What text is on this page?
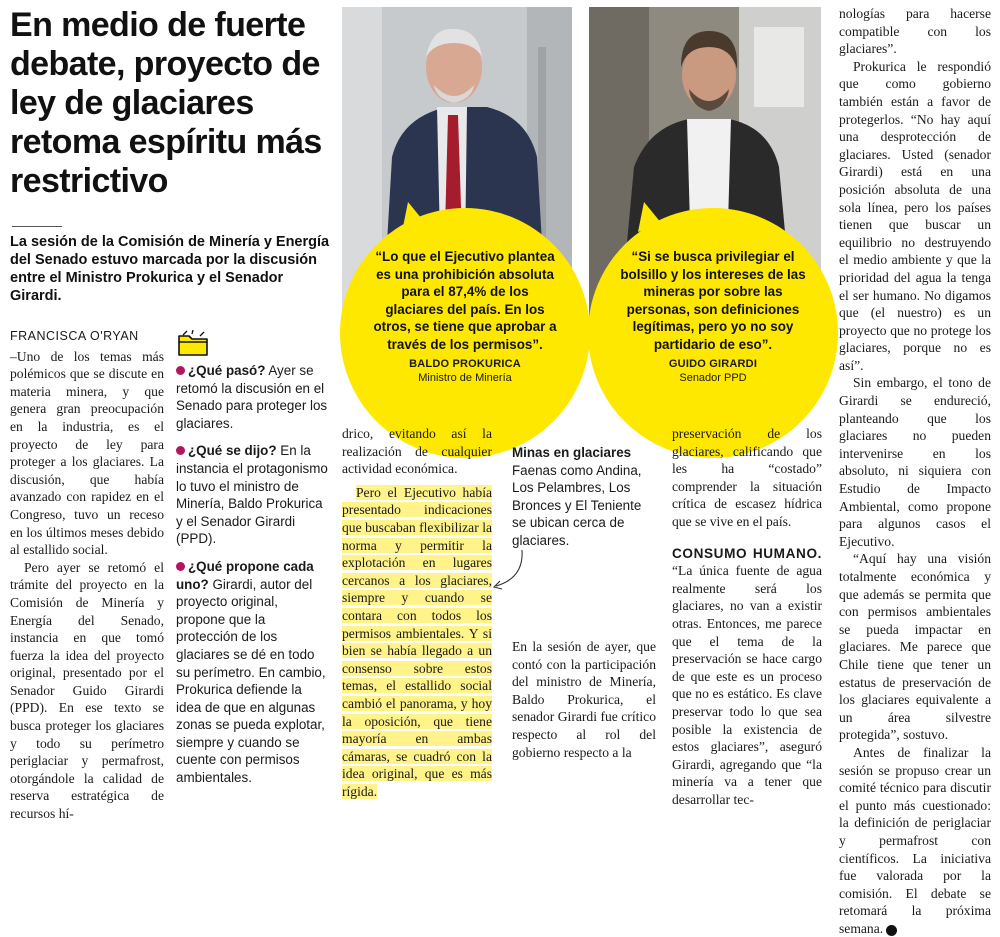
En medio de fuerte debate, proyecto de ley de glaciares retoma espíritu más restrictivo

La sesión de la Comisión de Minería y Energía del Senado estuvo marcada por la discusión entre el Ministro Prokurica y el Senador Girardi.

FRANCISCA O'RYAN

–Uno de los temas más polémicos que se discute en materia minera, y que genera gran preocupación en la industria, es el proyecto de ley para proteger a los glaciares. La discusión, que había avanzado con rapidez en el Congreso, tuvo un receso en los últimos meses debido al estallido social.

Pero ayer se retomó el trámite del proyecto en la Comisión de Minería y Energía del Senado, instancia en que tomó fuerza la idea del proyecto original, presentado por el Senador Guido Girardi (PPD). En ese texto se busca proteger los glaciares y todo su perímetro periglaciar y permafrost, otorgándole la calidad de reserva estratégica de recursos hí-

¿Qué pasó? Ayer se retomó la discusión en el Senado para proteger los glaciares.

¿Qué se dijo? En la instancia el protagonismo lo tuvo el ministro de Minería, Baldo Prokurica y el Senador Girardi (PPD).

¿Qué propone cada uno? Girardi, autor del proyecto original, propone que la protección de los glaciares se dé en todo su perímetro. En cambio, Prokurica defiende la idea de que en algunas zonas se pueda explotar, siempre y cuando se cuente con permisos ambientales.

“Lo que el Ejecutivo plantea es una prohibición absoluta para el 87,4% de los glaciares del país. En los otros, se tiene que aprobar a través de los permisos”.

BALDO PROKURICA

Ministro de Minería

“Si se busca privilegiar el bolsillo y los intereses de las mineras por sobre las personas, son definiciones legítimas, pero yo no soy partidario de eso”.

GUIDO GIRARDI

Senador PPD

drico, evitando así la realización de cualquier actividad económica.

Pero el Ejecutivo había presentado indicaciones que buscaban flexibilizar la norma y permitir la explotación en lugares cercanos a los glaciares, siempre y cuando se contara con todos los permisos ambientales. Y si bien se había llegado a un consenso sobre estos temas, el estallido social cambió el panorama, y hoy la oposición, que tiene mayoría en ambas cámaras, se cuadró con la idea original, que es más rígida.

Minas en glaciares
Faenas como Andina, Los Pelambres, Los Bronces y El Teniente se ubican cerca de glaciares.

En la sesión de ayer, que contó con la participación del ministro de Minería, Baldo Prokurica, el senador Girardi fue crítico respecto al rol del gobierno respecto a la

preservación de los glaciares, calificando que les ha “costado” comprender la situación crítica de escasez hídrica que se vive en el país.

CONSUMO HUMANO. “La única fuente de agua realmente será los glaciares, no van a existir otras. Entonces, me parece que el tema de la preservación se hace cargo de que este es un proceso que no es estático. Es clave preservar todo lo que sea posible la existencia de estos glaciares”, aseguró Girardi, agregando que “la minería va a tener que desarrollar tec-

nologías para hacerse compatible con los glaciares”.

Prokurica le respondió que como gobierno también están a favor de protegerlos. “No hay aquí una desprotección de glaciares. Usted (senador Girardi) está en una posición absoluta de una sola línea, pero los países tienen que buscar un equilibrio no destruyendo el medio ambiente y que la prioridad del agua la tenga el ser humano. No digamos que (el nuestro) es un proyecto que no protege los glaciares, porque no es así”.

Sin embargo, el tono de Girardi se endureció, planteando que los glaciares no pueden intervenirse en los absoluto, ni siquiera con Estudio de Impacto Ambiental, como propone para algunos casos el Ejecutivo.

“Aquí hay una visión totalmente económica y que además se permita que con permisos ambientales se pueda impactar en glaciares. Me parece que Chile tiene que tener un estatus de preservación de los glaciares equivalente a un área silvestre protegida”, sostuvo.

Antes de finalizar la sesión se propuso crear un comité técnico para discutir el punto más cuestionado: la definición de periglaciar y permafrost con científicos. La iniciativa fue valorada por la comisión. El debate se retomará la próxima semana. P
